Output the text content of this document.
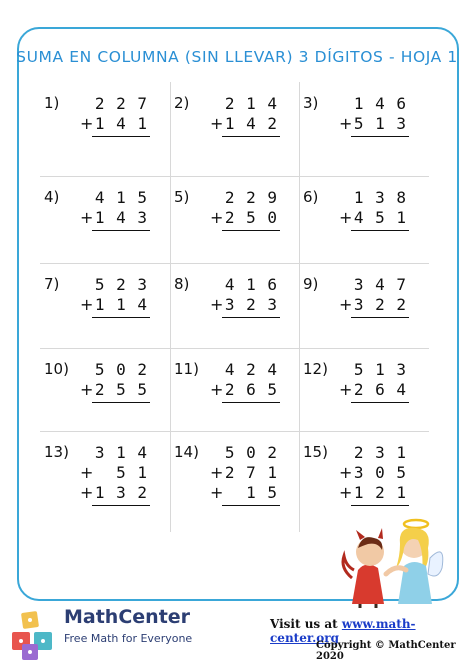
SUMA EN COLUMNA (SIN LLEVAR) 3 DÍGITOS - HOJA 1
1) 2 2 7
1 4 1
+
2) 2 1 4
1 4 2
+
3) 1 4 6
5 1 3
+
4) 4 1 5
1 4 3
+
5) 2 2 9
2 5 0
+
6) 1 3 8
4 5 1
+
7) 5 2 3
1 1 4
+
8) 4 1 6
3 2 3
+
9) 3 4 7
3 2 2
+
10) 5 0 2
2 5 5
+
11) 4 2 4
2 6 5
+
12) 5 1 3
2 6 4
+
13) 3 1 4
5 1
+
1 3 2
+
14) 5 0 2
2 7 1
+
1 5
+
15) 2 3 1
3 0 5
+
1 2 1
+
MathCenter
Free Math for Everyone
Visit us at www.math-center.org
Copyright © MathCenter 2020
